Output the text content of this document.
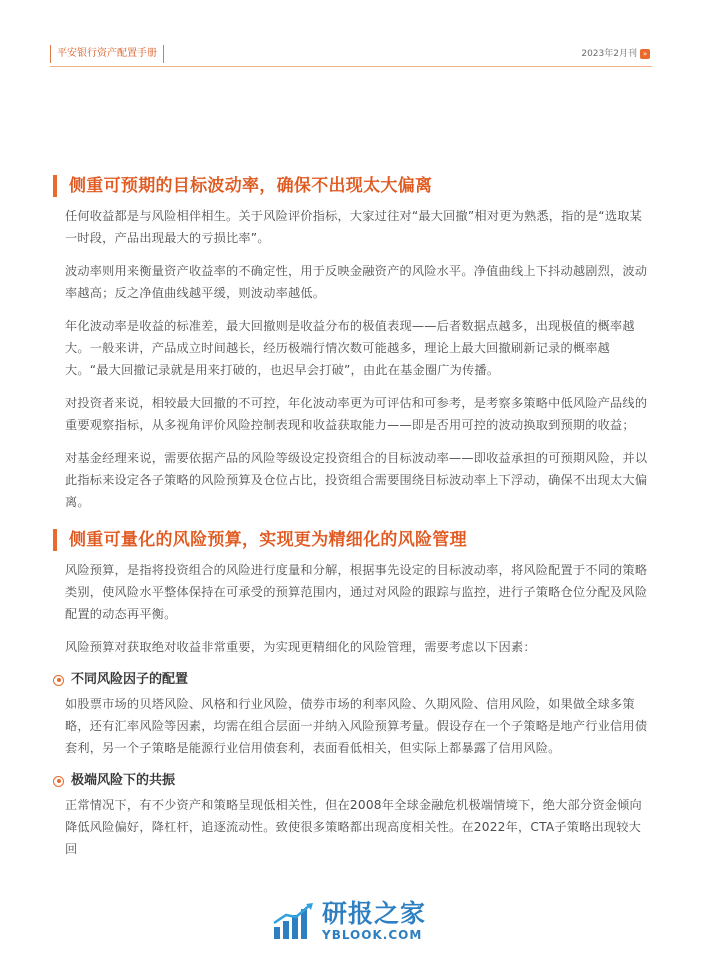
平安银行资产配置手册	2023年2月刊 »
侧重可预期的目标波动率，确保不出现太大偏离

任何收益都是与风险相伴相生。关于风险评价指标，大家过往对“最大回撤”相对更为熟悉，指的是“选取某一时段，产品出现最大的亏损比率”。

波动率则用来衡量资产收益率的不确定性，用于反映金融资产的风险水平。净值曲线上下抖动越剧烈，波动率越高；反之净值曲线越平缓，则波动率越低。

年化波动率是收益的标准差，最大回撤则是收益分布的极值表现——后者数据点越多，出现极值的概率越大。一般来讲，产品成立时间越长，经历极端行情次数可能越多，理论上最大回撤刷新记录的概率越大。“最大回撤记录就是用来打破的，也迟早会打破”，由此在基金圈广为传播。

对投资者来说，相较最大回撤的不可控，年化波动率更为可评估和可参考，是考察多策略中低风险产品线的重要观察指标，从多视角评价风险控制表现和收益获取能力——即是否用可控的波动换取到预期的收益；

对基金经理来说，需要依据产品的风险等级设定投资组合的目标波动率——即收益承担的可预期风险，并以此指标来设定各子策略的风险预算及仓位占比，投资组合需要围绕目标波动率上下浮动，确保不出现太大偏离。

侧重可量化的风险预算，实现更为精细化的风险管理

风险预算，是指将投资组合的风险进行度量和分解，根据事先设定的目标波动率，将风险配置于不同的策略类别，使风险水平整体保持在可承受的预算范围内，通过对风险的跟踪与监控，进行子策略仓位分配及风险配置的动态再平衡。

风险预算对获取绝对收益非常重要，为实现更精细化的风险管理，需要考虑以下因素：

不同风险因子的配置

如股票市场的贝塔风险、风格和行业风险，债券市场的利率风险、久期风险、信用风险，如果做全球多策略，还有汇率风险等因素，均需在组合层面一并纳入风险预算考量。假设存在一个子策略是地产行业信用债套利，另一个子策略是能源行业信用债套利，表面看低相关，但实际上都暴露了信用风险。

极端风险下的共振

正常情况下，有不少资产和策略呈现低相关性，但在2008年全球金融危机极端情境下，绝大部分资金倾向降低风险偏好，降杠杆，追逐流动性。致使很多策略都出现高度相关性。在2022年，CTA子策略出现较大回

研报之家
YBLOOK.COM
